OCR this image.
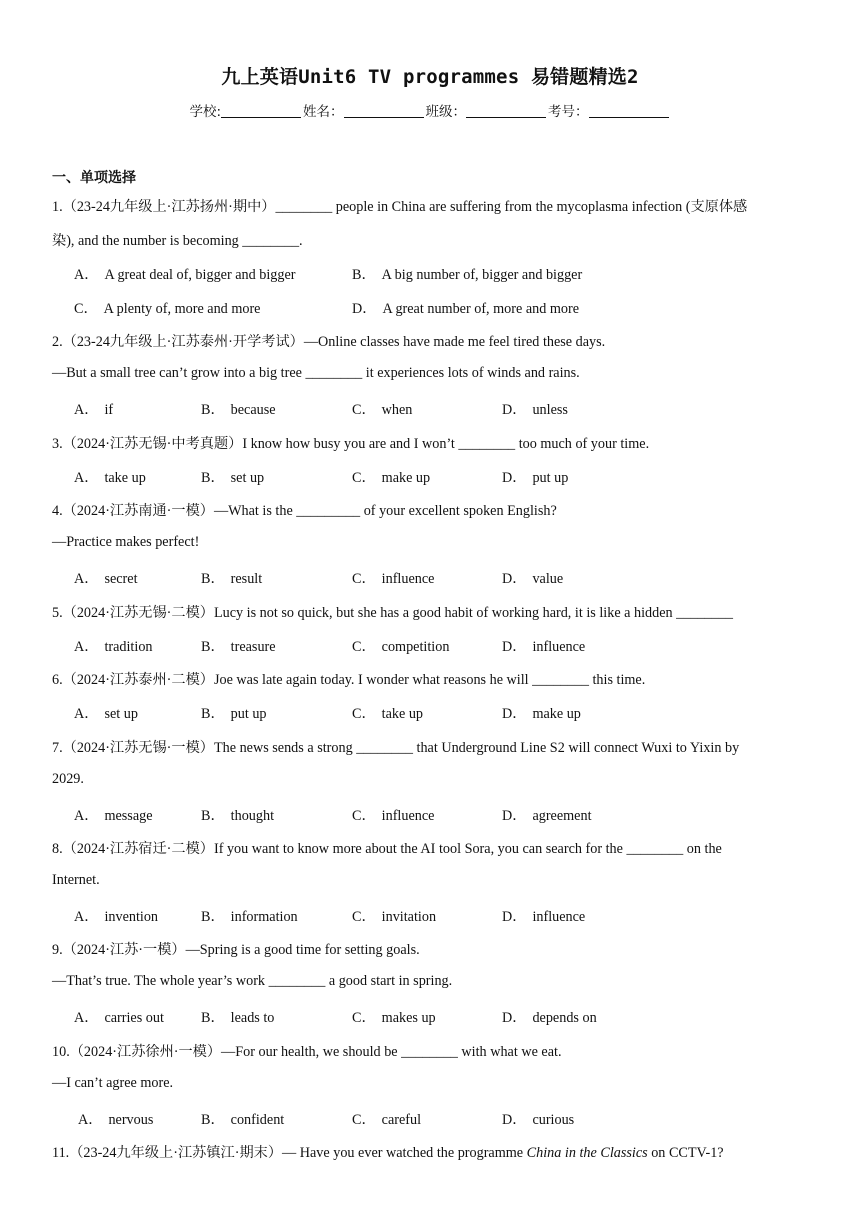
九上英语Unit6 TV programmes 易错题精选2
学校:	姓名：	班级：	考号：
一、单项选择
1.（23-24九年级上·江苏扬州·期中）________ people in China are suffering from the mycoplasma infection (支原体感
染), and the number is becoming ________.
A． A great deal of, bigger and bigger	B． A big number of, bigger and bigger
C． A plenty of, more and more	D． A great number of, more and more
2.（23-24九年级上·江苏泰州·开学考试）—Online classes have made me feel tired these days.
—But a small tree can’t grow into a big tree ________ it experiences lots of winds and rains.
A． if	B． because	C． when	D． unless
3.（2024·江苏无锡·中考真题）I know how busy you are and I won’t ________ too much of your time.
A． take up	B． set up	C． make up	D． put up
4.（2024·江苏南通·一模）—What is the _________ of your excellent spoken English?
—Practice makes perfect!
A． secret	B． result	C． influence	D． value
5.（2024·江苏无锡·二模）Lucy is not so quick, but she has a good habit of working hard, it is like a hidden ________
A． tradition	B． treasure	C． competition	D． influence
6.（2024·江苏泰州·二模）Joe was late again today. I wonder what reasons he will ________ this time.
A． set up	B． put up	C． take up	D． make up
7.（2024·江苏无锡·一模）The news sends a strong ________ that Underground Line S2 will connect Wuxi to Yixin by
2029.
A． message	B． thought	C． influence	D． agreement
8.（2024·江苏宿迁·二模）If you want to know more about the AI tool Sora, you can search for the ________ on the
Internet.
A． invention	B． information	C． invitation	D． influence
9.（2024·江苏·一模）—Spring is a good time for setting goals.
—That’s true. The whole year’s work ________ a good start in spring.
A． carries out	B． leads to	C． makes up	D． depends on
10.（2024·江苏徐州·一模）—For our health, we should be ________ with what we eat.
—I can’t agree more.
A． nervous	B． confident	C． careful	D． curious
11.（23-24九年级上·江苏镇江·期末）— Have you ever watched the programme China in the Classics on CCTV-1?
